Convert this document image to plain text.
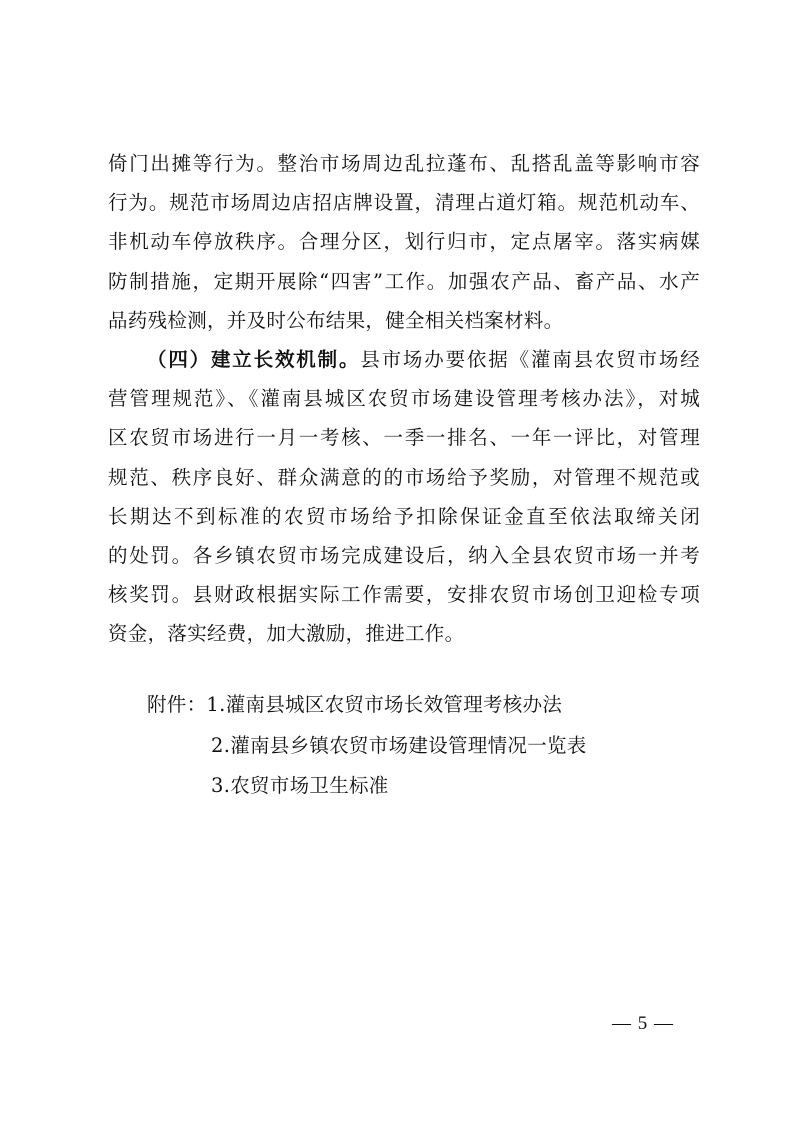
倚门出摊等行为。整治市场周边乱拉蓬布、乱搭乱盖等影响市容
行为。规范市场周边店招店牌设置，清理占道灯箱。规范机动车、
非机动车停放秩序。合理分区，划行归市，定点屠宰。落实病媒
防制措施，定期开展除“四害”工作。加强农产品、畜产品、水产
品药残检测，并及时公布结果，健全相关档案材料。
（四）建立长效机制。县市场办要依据《灌南县农贸市场经
营管理规范》、《灌南县城区农贸市场建设管理考核办法》，对城
区农贸市场进行一月一考核、一季一排名、一年一评比，对管理
规范、秩序良好、群众满意的的市场给予奖励，对管理不规范或
长期达不到标准的农贸市场给予扣除保证金直至依法取缔关闭
的处罚。各乡镇农贸市场完成建设后，纳入全县农贸市场一并考
核奖罚。县财政根据实际工作需要，安排农贸市场创卫迎检专项
资金，落实经费，加大激励，推进工作。
附件：1.灌南县城区农贸市场长效管理考核办法
2.灌南县乡镇农贸市场建设管理情况一览表
3.农贸市场卫生标准
— 5 —
